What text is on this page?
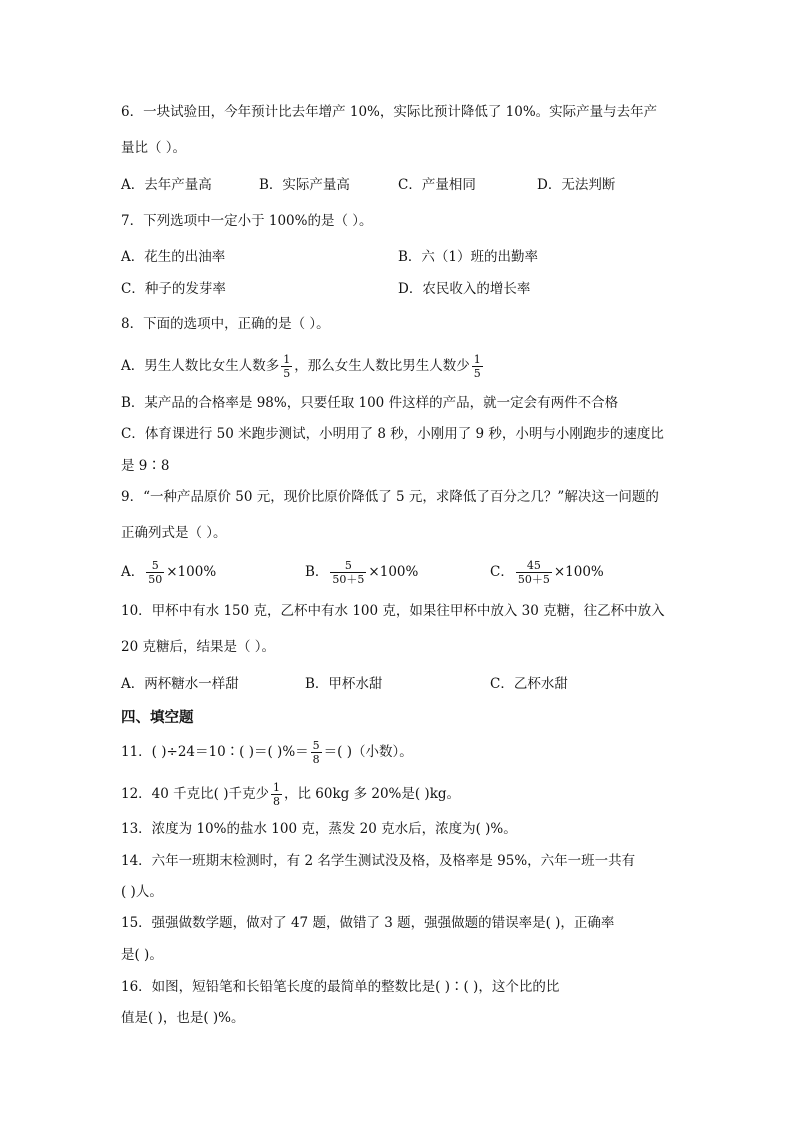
6．一块试验田，今年预计比去年增产 10%，实际比预计降低了 10%。实际产量与去年产
量比（ ）。
A．去年产量高	B．实际产量高	C．产量相同	D．无法判断
7．下列选项中一定小于 100%的是（ ）。
A．花生的出油率	B．六（1）班的出勤率
C．种子的发芽率	D．农民收入的增长率
8．下面的选项中，正确的是（ ）。
A．男生人数比女生人数多 $\frac{1}{5}$ ，那么女生人数比男生人数少 $\frac{1}{5}$
B．某产品的合格率是 98%，只要任取 100 件这样的产品，就一定会有两件不合格
C．体育课进行 50 米跑步测试，小明用了 8 秒，小刚用了 9 秒，小明与小刚跑步的速度比
是 9∶8
9．“一种产品原价 50 元，现价比原价降低了 5 元，求降低了百分之几？”解决这一问题的
正确列式是（ ）。
A． $\frac{5}{50} \times 100\%$	B． $\frac{5}{50+5} \times 100\%$	C． $\frac{45}{50+5} \times 100\%$
10．甲杯中有水 150 克，乙杯中有水 100 克，如果往甲杯中放入 30 克糖，往乙杯中放入
20 克糖后，结果是（ ）。
A．两杯糖水一样甜	B．甲杯水甜	C．乙杯水甜
四、填空题
11．( )÷24＝10∶( )＝( )%＝ $\frac{5}{8}$ ＝( )（小数）。
12．40 千克比( )千克少 $\frac{1}{8}$ ，比 60kg 多 20%是( )kg。
13．浓度为 10%的盐水 100 克，蒸发 20 克水后，浓度为( )%。
14．六年一班期末检测时，有 2 名学生测试没及格，及格率是 95%，六年一班一共有
( )人。
15．强强做数学题，做对了 47 题，做错了 3 题，强强做题的错误率是( )，正确率
是( )。
16．如图，短铅笔和长铅笔长度的最简单的整数比是( )∶( )，这个比的比
值是( )，也是( )%。
